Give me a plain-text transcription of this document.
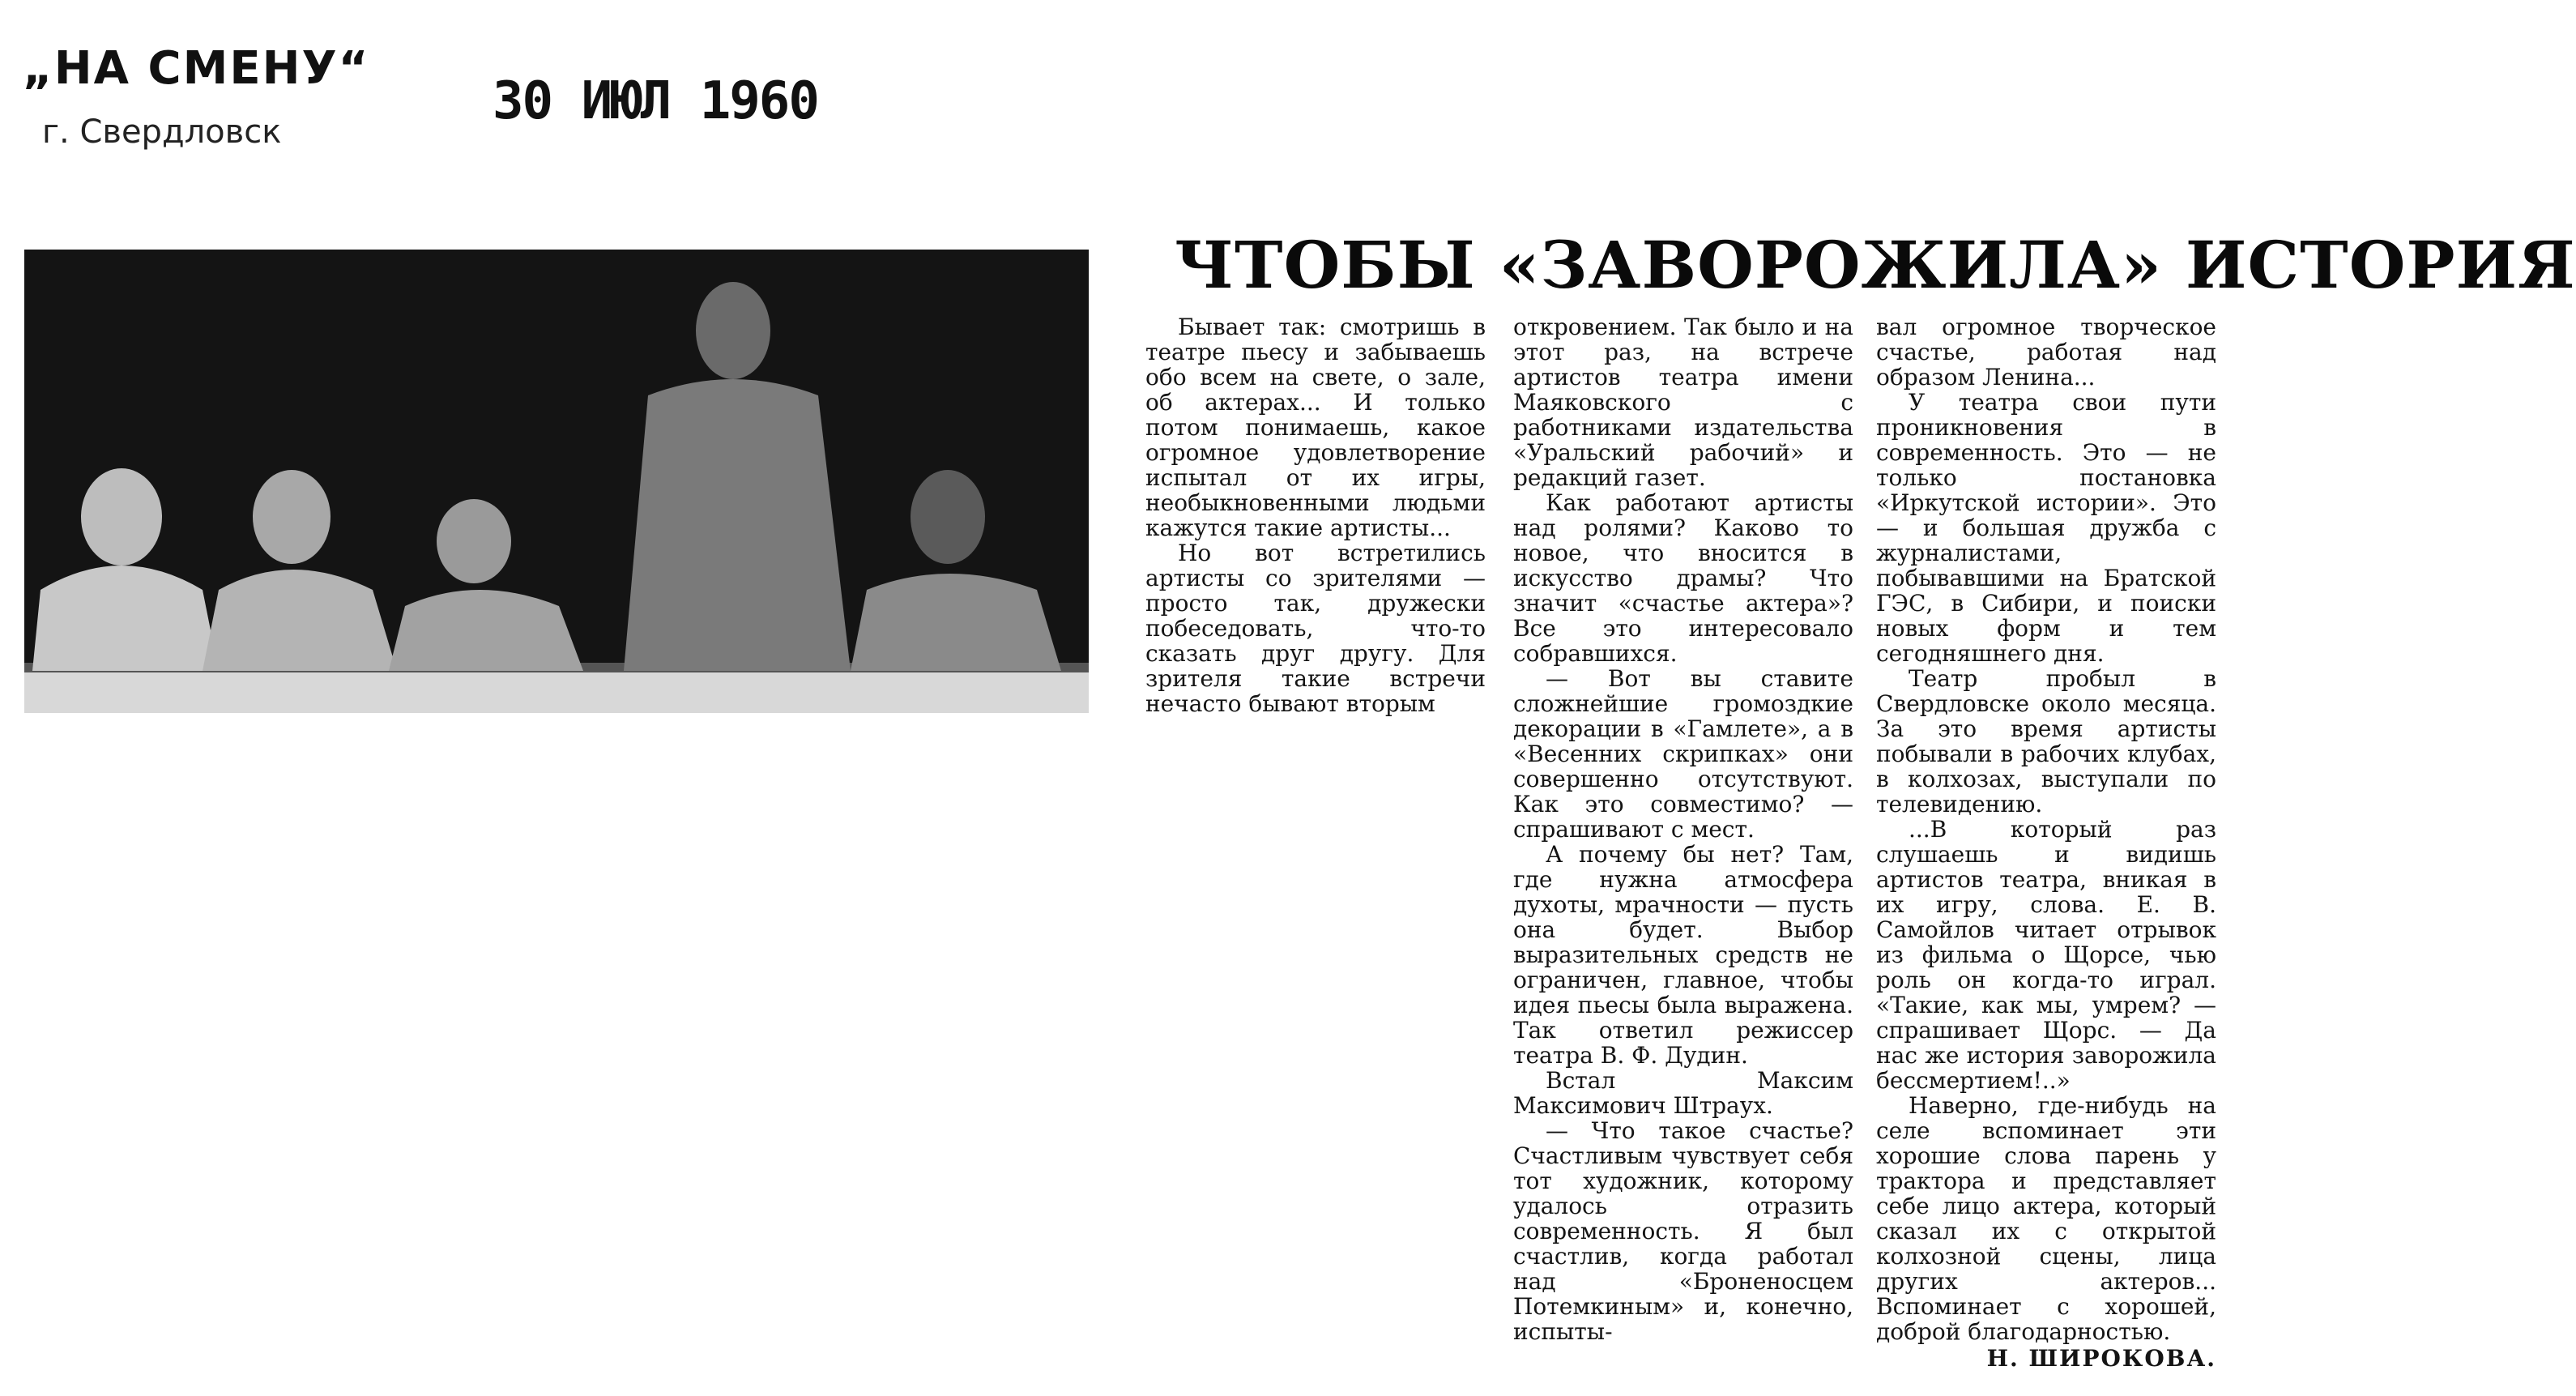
„НА СМЕНУ“
г. Свердловск
30 ИЮЛ 1960
ЧТОБЫ «ЗАВОРОЖИЛА» ИСТОРИЯ

Бывает так: смотришь в театре пьесу и забываешь обо всем на свете, о зале, об актерах... И только потом понимаешь, какое огромное удовлетворение испытал от их игры, необыкновенными людьми кажутся такие артисты...

Но вот встретились артисты со зрителями — просто так, дружески побеседовать, что-то сказать друг другу. Для зрителя такие встречи нечасто бывают вторым

откровением. Так было и на этот раз, на встрече артистов театра имени Маяковского с работниками издательства «Уральский рабочий» и редакций газет.

Как работают артисты над ролями? Каково то новое, что вносится в искусство драмы? Что значит «счастье актера»? Все это интересовало собравшихся.

— Вот вы ставите сложнейшие громоздкие декорации в «Гамлете», а в «Весенних скрипках» они совершенно отсутствуют. Как это совместимо? — спрашивают с мест.

А почему бы нет? Там, где нужна атмосфера духоты, мрачности — пусть она будет. Выбор выразительных средств не ограничен, главное, чтобы идея пьесы была выражена. Так ответил режиссер театра В. Ф. Дудин.

Встал Максим Максимович Штраух.

— Что такое счастье? Счастливым чувствует себя тот художник, которому удалось отразить современность. Я был счастлив, когда работал над «Броненосцем Потемкиным» и, конечно, испыты-

вал огромное творческое счастье, работая над образом Ленина...

У театра свои пути проникновения в современность. Это — не только постановка «Иркутской истории». Это — и большая дружба с журналистами, побывавшими на Братской ГЭС, в Сибири, и поиски новых форм и тем сегодняшнего дня.

Театр пробыл в Свердловске около месяца. За это время артисты побывали в рабочих клубах, в колхозах, выступали по телевидению.

...В который раз слушаешь и видишь артистов театра, вникая в их игру, слова. Е. В. Самойлов читает отрывок из фильма о Щорсе, чью роль он когда-то играл. «Такие, как мы, умрем? — спрашивает Щорс. — Да нас же история заворожила бессмертием!..»

Наверно, где-нибудь на селе вспоминает эти хорошие слова парень у трактора и представляет себе лицо актера, который сказал их с открытой колхозной сцены, лица других актеров... Вспоминает с хорошей, доброй благодарностью.

Н. ШИРОКОВА.
